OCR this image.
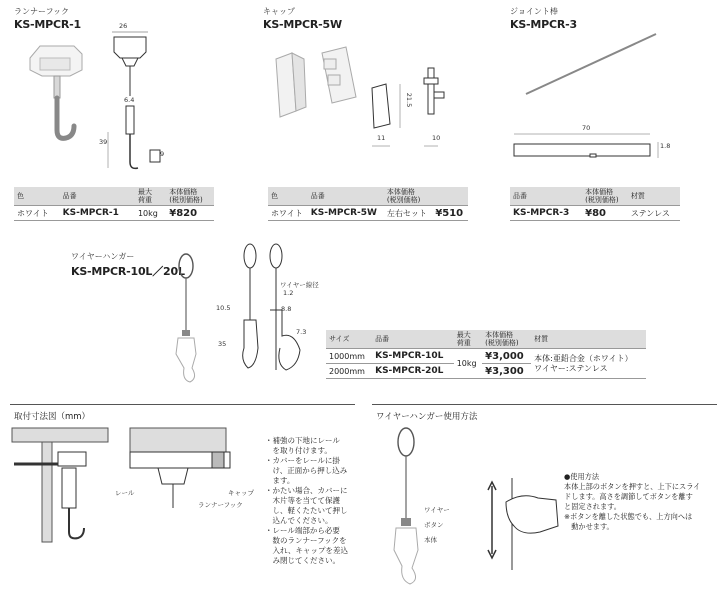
ランナーフック
KS-MPCR-1	26
6.4
39
9
色	品番	最大
荷重	本体価格
(税別価格)
ホワイト	KS-MPCR-1	10kg	¥820
キャップ
KS-MPCR-5W
21.5
11	10
色	品番	本体価格
(税別価格)	
ホワイト	KS-MPCR-5W	左右セット	¥510
ジョイント棒
KS-MPCR-3
70
1.8
品番	本体価格
(税別価格)	材質
KS-MPCR-3	¥80	ステンレス
ワイヤーハンガー
KS-MPCR-10L／20L
10.5
ワイヤー線径
1.2
8.8
35
7.3
サイズ	品番	最大
荷重	本体価格
(税別価格)	材質
1000mm	KS-MPCR-10L	10kg	¥3,000	本体:亜鉛合金（ホワイト）
ワイヤー:ステンレス
2000mm	KS-MPCR-20L		¥3,300	
取付寸法図（mm）
レール
ランナーフック
キャップ
・補強の下地にレール
　を取り付けます。
・カバーをレールに掛
　け、正面から押し込み
　ます。
・かたい場合、カバーに
　木片等を当てて保護
　し、軽くたたいて押し
　込んでください。
・レール端部から必要
　数のランナーフックを
　入れ、キャップを差込
　み閉じてください。
ワイヤーハンガー使用方法
ワイヤー
ボタン
本体
●使用方法
本体上部のボタンを押すと、上下にスライ
ドします。高さを調節してボタンを離す
と固定されます。
※ボタンを離した状態でも、上方向へは
　動かせます。
